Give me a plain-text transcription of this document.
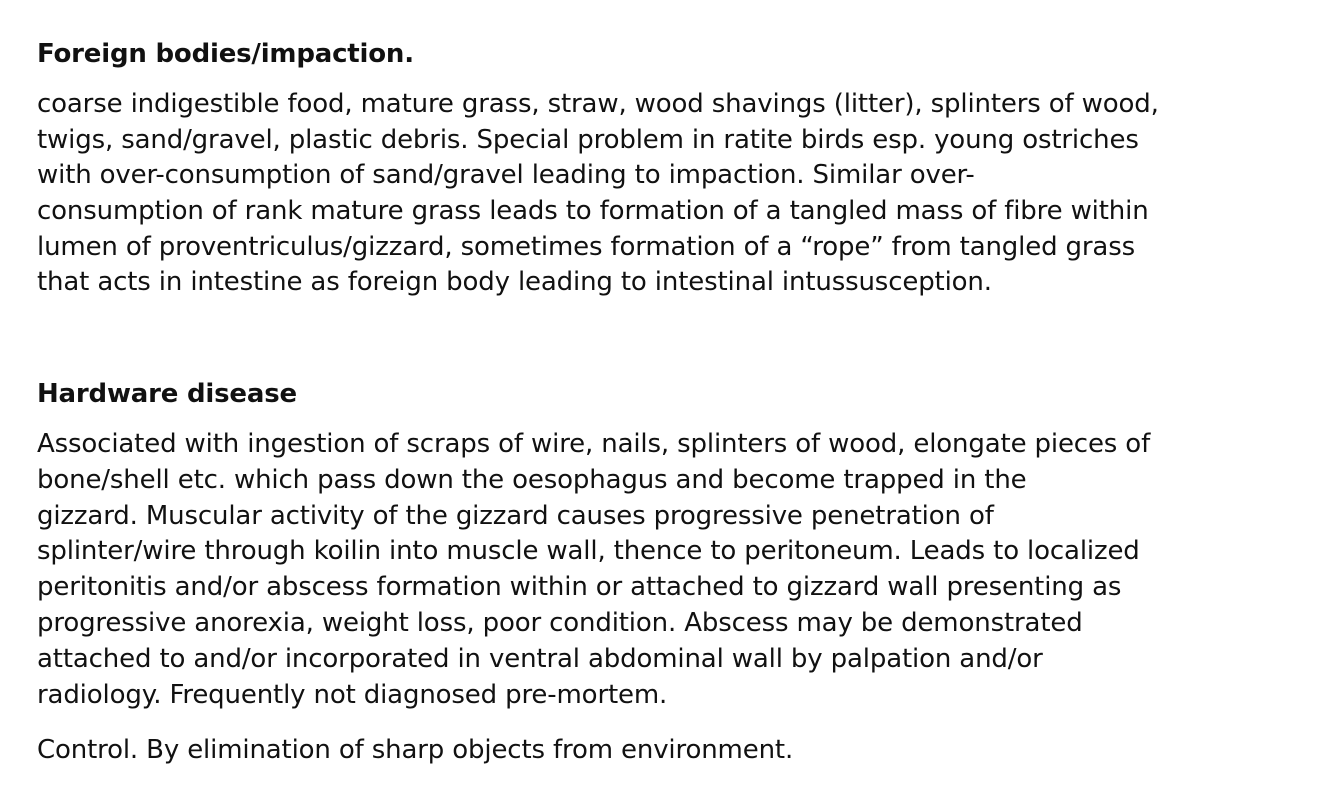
Foreign bodies/impaction.
coarse indigestible food, mature grass, straw, wood shavings (litter), splinters of wood,
twigs, sand/gravel, plastic debris. Special problem in ratite birds esp. young ostriches
with over-consumption of sand/gravel leading to impaction. Similar over-
consumption of rank mature grass leads to formation of a tangled mass of fibre within
lumen of proventriculus/gizzard, sometimes formation of a “rope” from tangled grass
that acts in intestine as foreign body leading to intestinal intussusception.
Hardware disease
Associated with ingestion of scraps of wire, nails, splinters of wood, elongate pieces of
bone/shell etc. which pass down the oesophagus and become trapped in the
gizzard. Muscular activity of the gizzard causes progressive penetration of
splinter/wire through koilin into muscle wall, thence to peritoneum. Leads to localized
peritonitis and/or abscess formation within or attached to gizzard wall presenting as
progressive anorexia, weight loss, poor condition. Abscess may be demonstrated
attached to and/or incorporated in ventral abdominal wall by palpation and/or
radiology. Frequently not diagnosed pre-mortem.
Control. By elimination of sharp objects from environment.
